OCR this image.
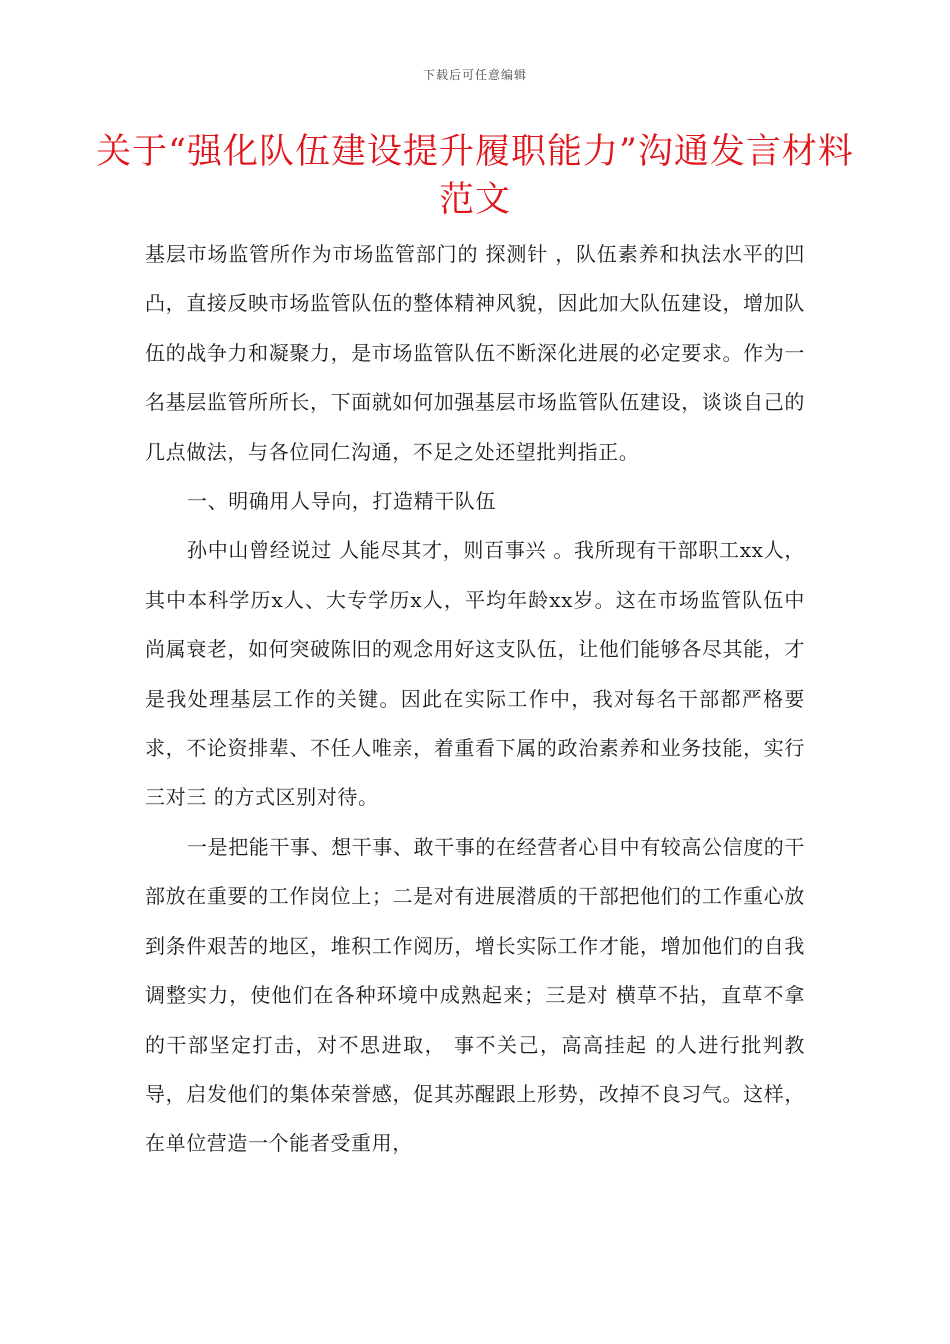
下载后可任意编辑
关于“强化队伍建设提升履职能力”沟通发言材料范文

基层市场监管所作为市场监管部门的 探测针 ，队伍素养和执法水平的凹凸，直接反映市场监管队伍的整体精神风貌，因此加大队伍建设，增加队伍的战争力和凝聚力，是市场监管队伍不断深化进展的必定要求。作为一名基层监管所所长，下面就如何加强基层市场监管队伍建设，谈谈自己的几点做法，与各位同仁沟通，不足之处还望批判指正。

一、明确用人导向，打造精干队伍

孙中山曾经说过 人能尽其才，则百事兴 。我所现有干部职工xx人，其中本科学历x人、大专学历x人，平均年龄xx岁。这在市场监管队伍中尚属衰老，如何突破陈旧的观念用好这支队伍，让他们能够各尽其能，才是我处理基层工作的关键。因此在实际工作中，我对每名干部都严格要求，不论资排辈、不任人唯亲，着重看下属的政治素养和业务技能，实行 三对三 的方式区别对待。

一是把能干事、想干事、敢干事的在经营者心目中有较高公信度的干部放在重要的工作岗位上；二是对有进展潜质的干部把他们的工作重心放到条件艰苦的地区，堆积工作阅历，增长实际工作才能，增加他们的自我调整实力，使他们在各种环境中成熟起来；三是对 横草不拈，直草不拿 的干部坚定打击，对不思进取， 事不关己，高高挂起 的人进行批判教导，启发他们的集体荣誉感，促其苏醒跟上形势，改掉不良习气。这样，在单位营造一个能者受重用，
